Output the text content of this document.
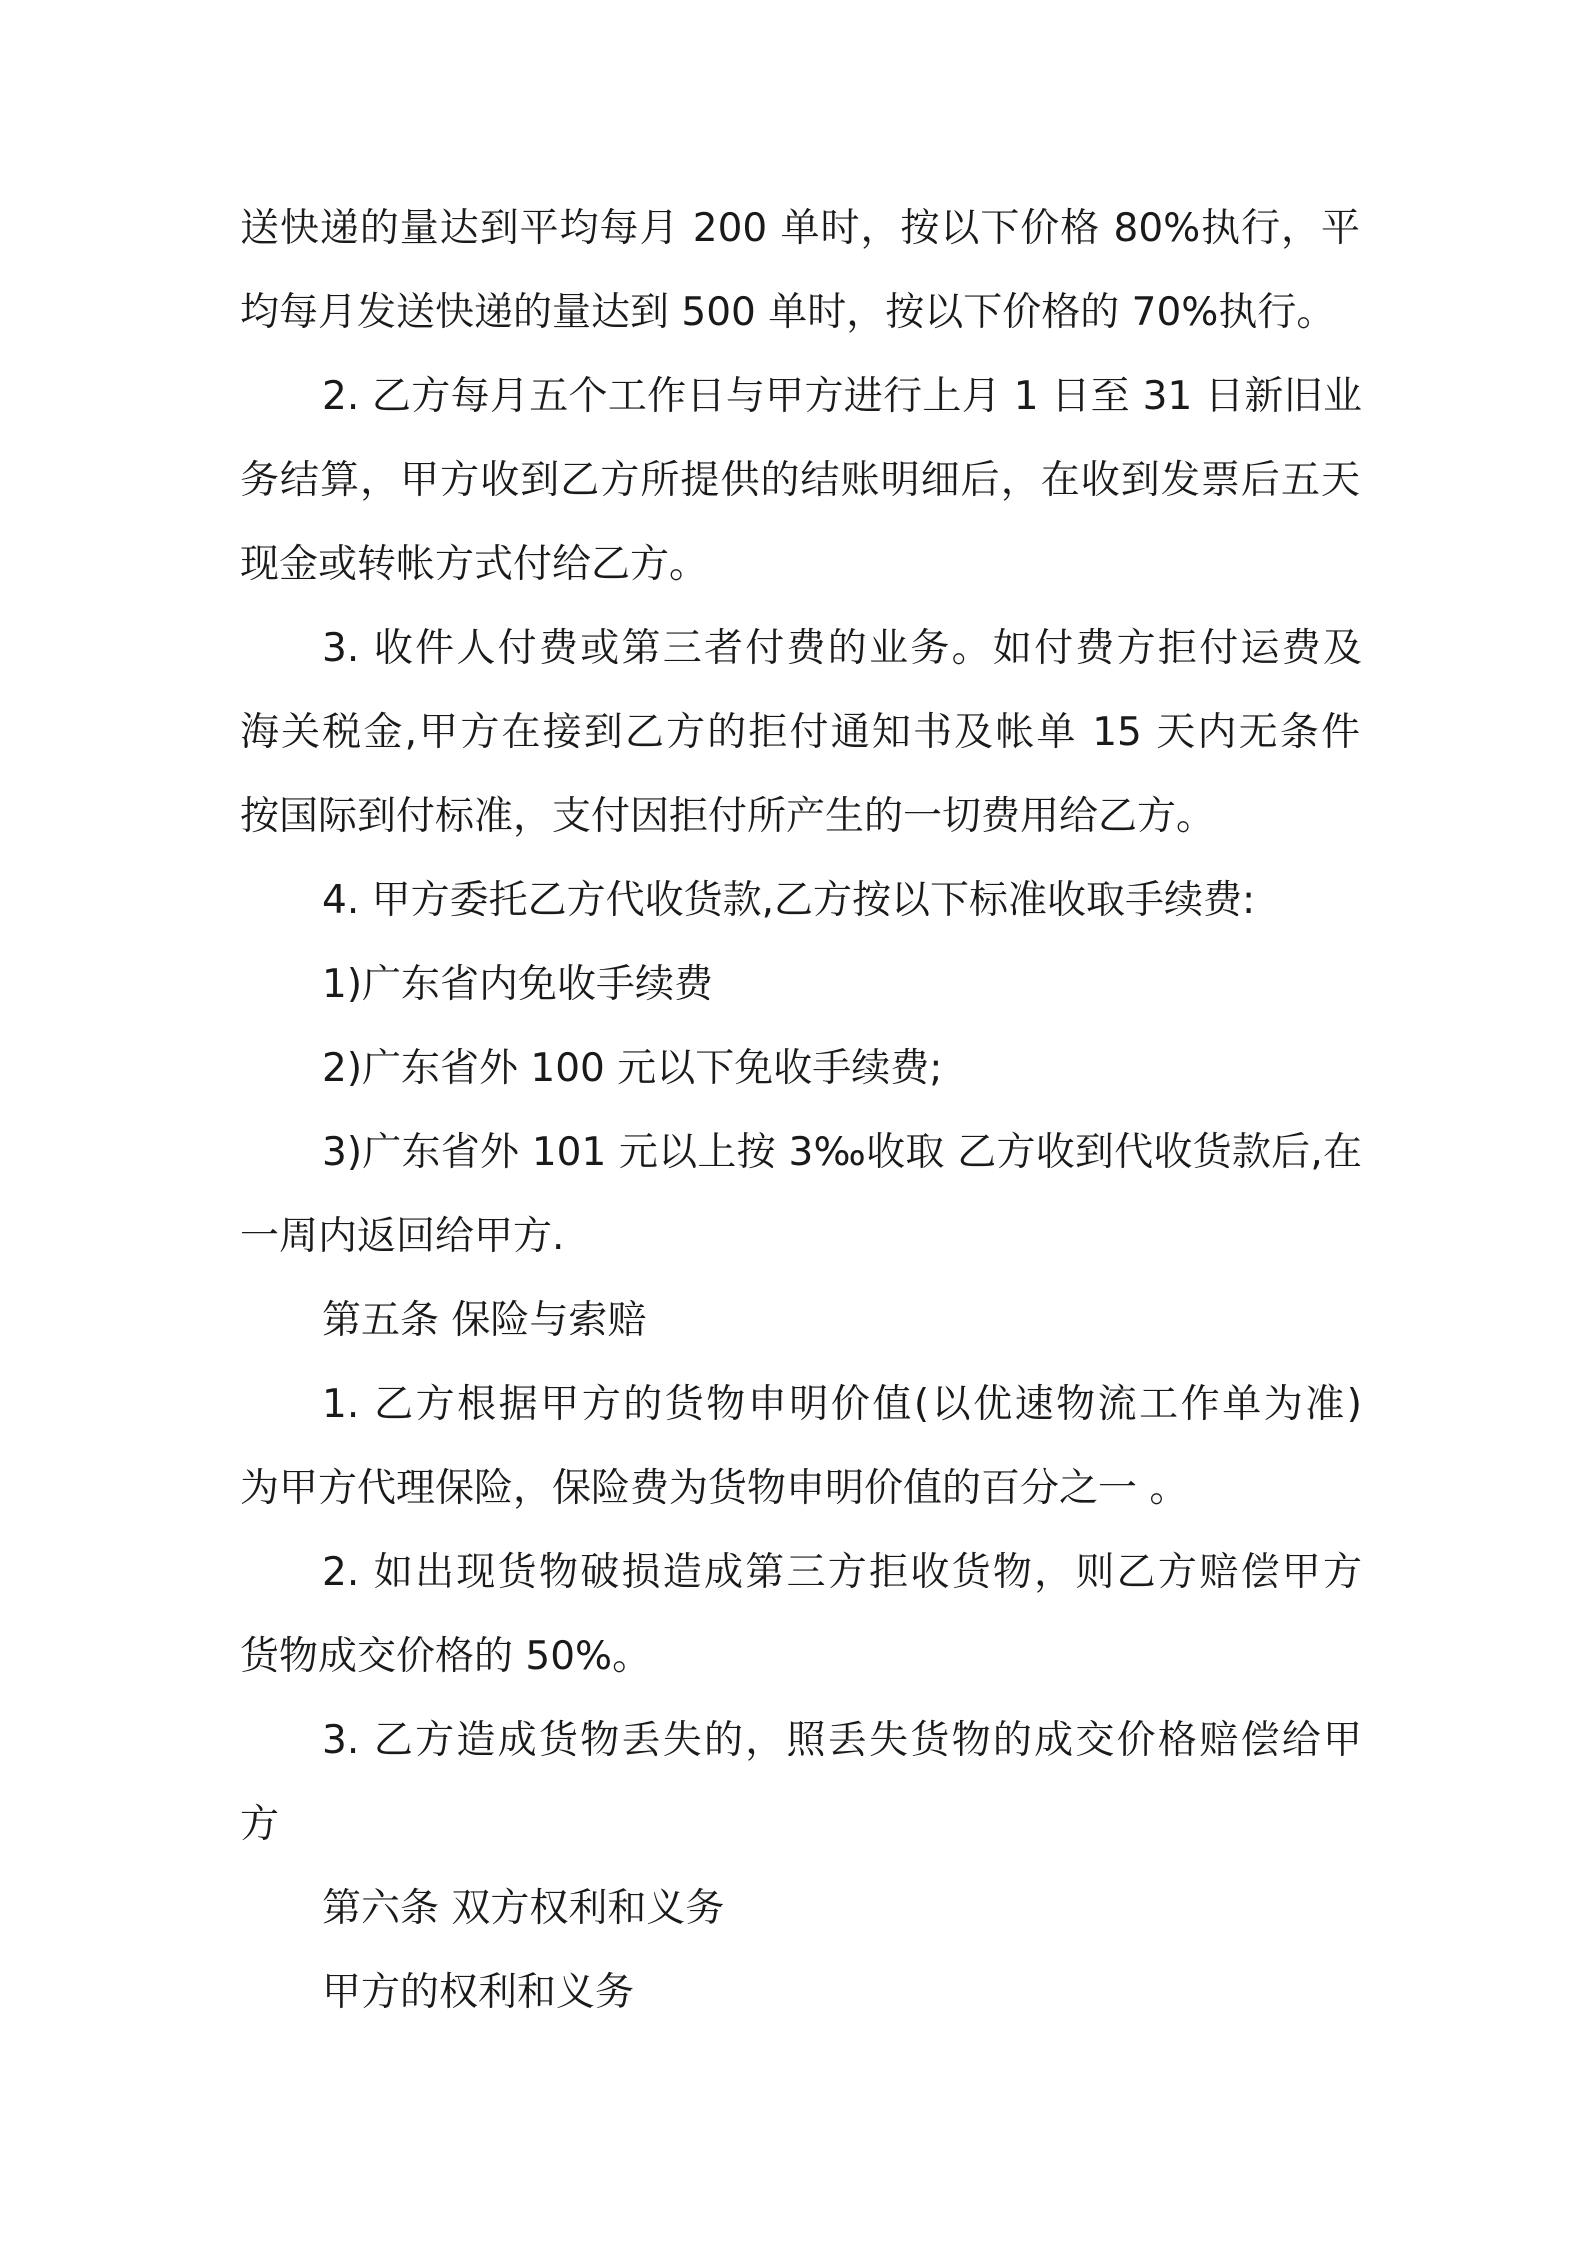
送快递的量达到平均每月 200 单时，按以下价格 80%执行，平
均每月发送快递的量达到 500 单时，按以下价格的 70%执行。
2. 乙方每月五个工作日与甲方进行上月 1 日至 31 日新旧业
务结算，甲方收到乙方所提供的结账明细后，在收到发票后五天
现金或转帐方式付给乙方。
3. 收件人付费或第三者付费的业务。如付费方拒付运费及
海关税金,甲方在接到乙方的拒付通知书及帐单 15 天内无条件
按国际到付标准，支付因拒付所产生的一切费用给乙方。
4. 甲方委托乙方代收货款,乙方按以下标准收取手续费:
1)广东省内免收手续费
2)广东省外 100 元以下免收手续费;
3)广东省外 101 元以上按 3‰收取 乙方收到代收货款后,在
一周内返回给甲方.
第五条 保险与索赔
1. 乙方根据甲方的货物申明价值(以优速物流工作单为准)
为甲方代理保险，保险费为货物申明价值的百分之一 。
2. 如出现货物破损造成第三方拒收货物，则乙方赔偿甲方
货物成交价格的 50%。
3. 乙方造成货物丢失的，照丢失货物的成交价格赔偿给甲
方
第六条 双方权利和义务
甲方的权利和义务
